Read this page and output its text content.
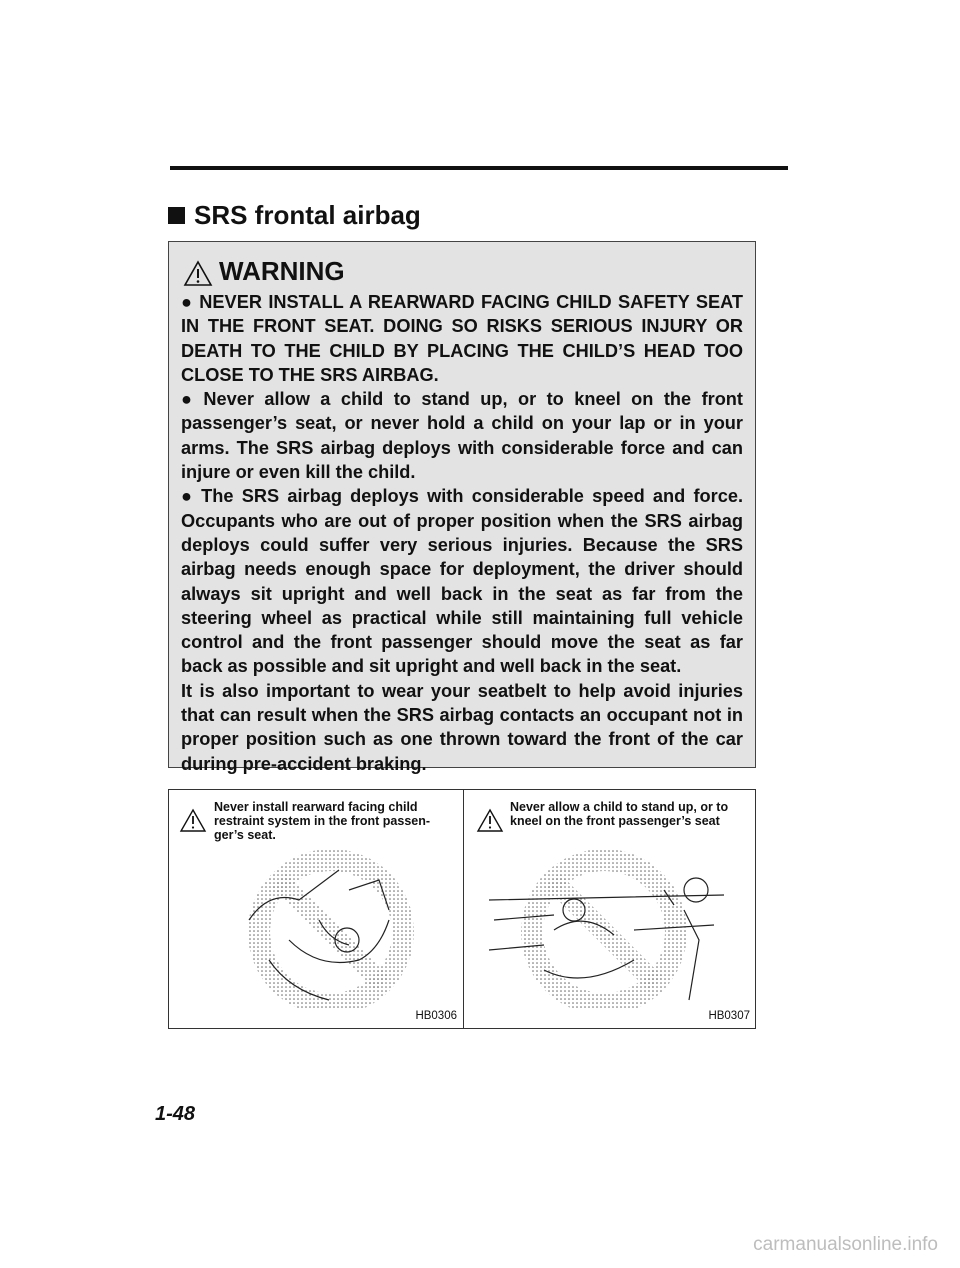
SRS frontal airbag
WARNING

● NEVER INSTALL A REARWARD FACING CHILD SAFETY SEAT IN THE FRONT SEAT. DOING SO RISKS SERIOUS INJURY OR DEATH TO THE CHILD BY PLACING THE CHILD’S HEAD TOO CLOSE TO THE SRS AIRBAG.

● Never allow a child to stand up, or to kneel on the front passenger’s seat, or never hold a child on your lap or in your arms. The SRS airbag deploys with considerable force and can injure or even kill the child.

● The SRS airbag deploys with considerable speed and force. Occupants who are out of proper position when the SRS airbag deploys could suffer very serious injuries. Because the SRS airbag needs enough space for deployment, the driver should always sit upright and well back in the seat as far from the steering wheel as practical while still maintaining full vehicle control and the front passenger should move the seat as far back as possible and sit upright and well back in the seat.

It is also important to wear your seatbelt to help avoid injuries that can result when the SRS airbag contacts an occupant not in proper position such as one thrown toward the front of the car during pre-accident braking.

Never install rearward facing child restraint system in the front passen-ger’s seat.
HB0306
Never allow a child to stand up, or to kneel on the front passenger’s seat
HB0307
1-48
carmanualsonline.info
